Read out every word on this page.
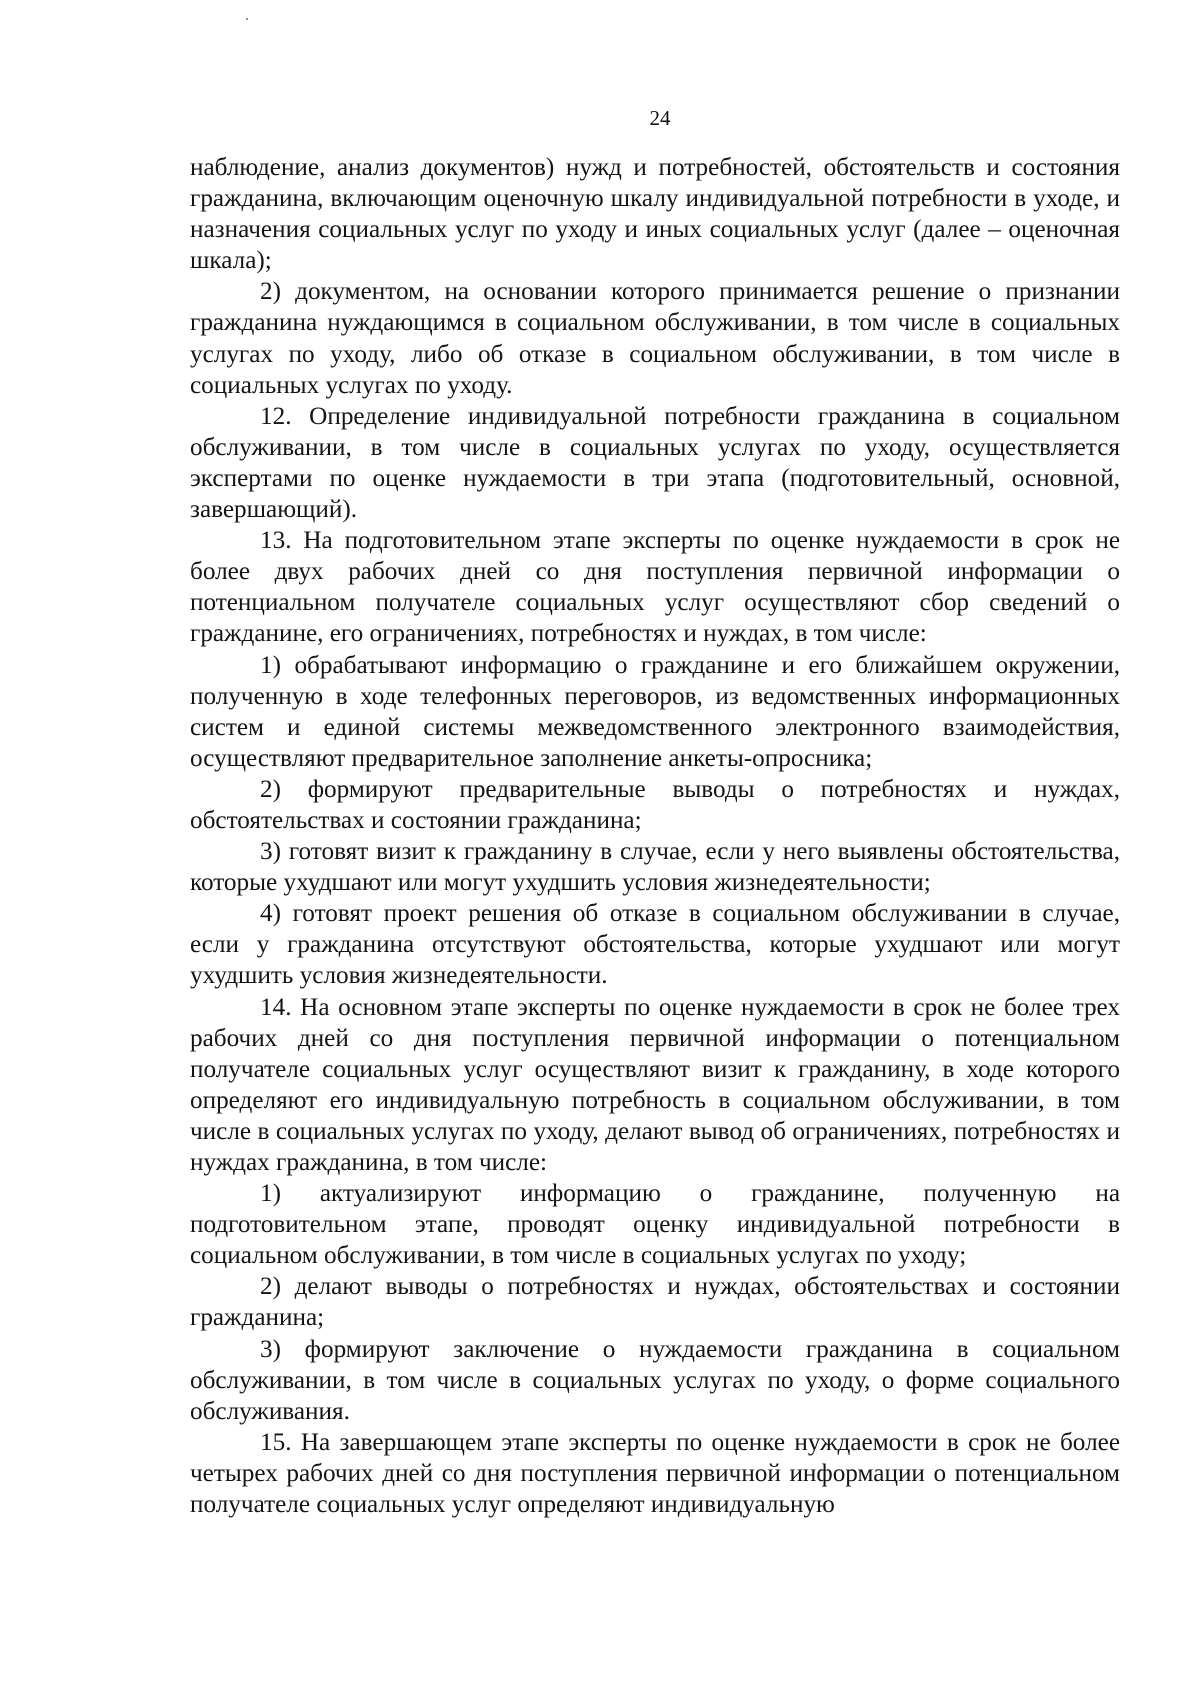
24

наблюдение, анализ документов) нужд и потребностей, обстоятельств и состояния гражданина, включающим оценочную шкалу индивидуальной потребности в уходе, и назначения социальных услуг по уходу и иных социальных услуг (далее – оценочная шкала);

2) документом, на основании которого принимается решение о признании гражданина нуждающимся в социальном обслуживании, в том числе в социальных услугах по уходу, либо об отказе в социальном обслуживании, в том числе в социальных услугах по уходу.

12. Определение индивидуальной потребности гражданина в социальном обслуживании, в том числе в социальных услугах по уходу, осуществляется экспертами по оценке нуждаемости в три этапа (подготовительный, основной, завершающий).

13. На подготовительном этапе эксперты по оценке нуждаемости в срок не более двух рабочих дней со дня поступления первичной информации о потенциальном получателе социальных услуг осуществляют сбор сведений о гражданине, его ограничениях, потребностях и нуждах, в том числе:

1) обрабатывают информацию о гражданине и его ближайшем окружении, полученную в ходе телефонных переговоров, из ведомственных информационных систем и единой системы межведомственного электронного взаимодействия, осуществляют предварительное заполнение анкеты-опросника;

2) формируют предварительные выводы о потребностях и нуждах, обстоятельствах и состоянии гражданина;

3) готовят визит к гражданину в случае, если у него выявлены обстоятельства, которые ухудшают или могут ухудшить условия жизнедеятельности;

4) готовят проект решения об отказе в социальном обслуживании в случае, если у гражданина отсутствуют обстоятельства, которые ухудшают или могут ухудшить условия жизнедеятельности.

14. На основном этапе эксперты по оценке нуждаемости в срок не более трех рабочих дней со дня поступления первичной информации о потенциальном получателе социальных услуг осуществляют визит к гражданину, в ходе которого определяют его индивидуальную потребность в социальном обслуживании, в том числе в социальных услугах по уходу, делают вывод об ограничениях, потребностях и нуждах гражданина, в том числе:

1) актуализируют информацию о гражданине, полученную на подготовительном этапе, проводят оценку индивидуальной потребности в социальном обслуживании, в том числе в социальных услугах по уходу;

2) делают выводы о потребностях и нуждах, обстоятельствах и состоянии гражданина;

3) формируют заключение о нуждаемости гражданина в социальном обслуживании, в том числе в социальных услугах по уходу, о форме социального обслуживания.

15. На завершающем этапе эксперты по оценке нуждаемости в срок не более четырех рабочих дней со дня поступления первичной информации о потенциальном получателе социальных услуг определяют индивидуальную
